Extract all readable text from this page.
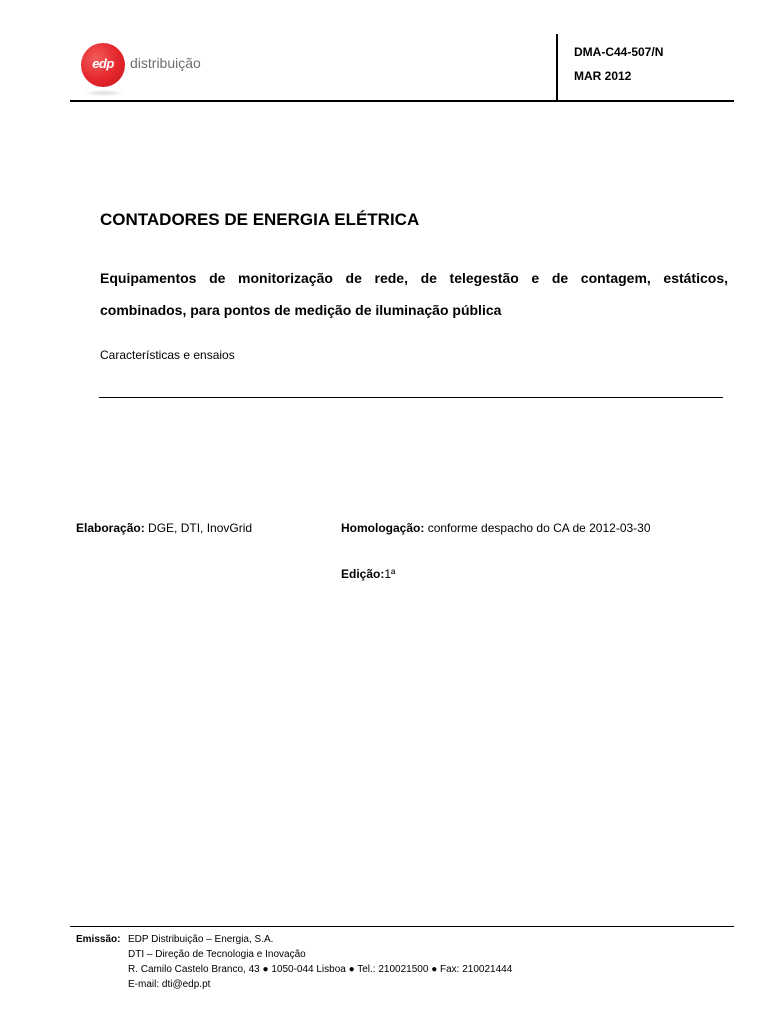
edp	distribuição
DMA-C44-507/N
MAR 2012
CONTADORES DE ENERGIA ELÉTRICA
Equipamentos de monitorização de rede, de telegestão e de contagem, estáticos,
combinados, para pontos de medição de iluminação pública
Características e ensaios
Elaboração: DGE, DTI, InovGrid	Homologação: conforme despacho do CA de 2012-03-30
Edição:1ª
Emissão: EDP Distribuição – Energia, S.A.
DTI – Direção de Tecnologia e Inovação
R. Camilo Castelo Branco, 43 ● 1050-044 Lisboa ● Tel.: 210021500 ● Fax: 210021444
E-mail: dti@edp.pt
